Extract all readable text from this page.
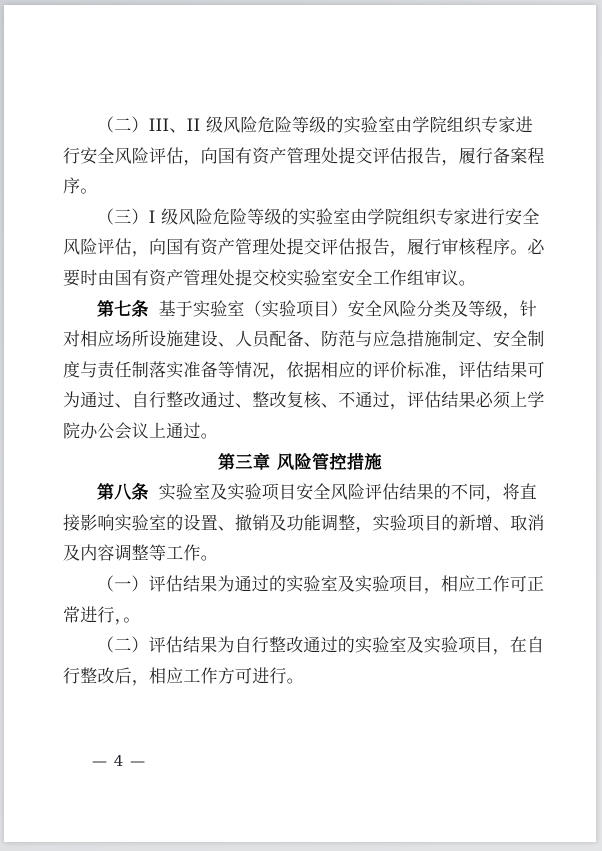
（二）III、II 级风险危险等级的实验室由学院组织专家进
行安全风险评估，向国有资产管理处提交评估报告，履行备案程
序。
（三）I 级风险危险等级的实验室由学院组织专家进行安全
风险评估，向国有资产管理处提交评估报告，履行审核程序。必
要时由国有资产管理处提交校实验室安全工作组审议。
第七条 基于实验室（实验项目）安全风险分类及等级，针
对相应场所设施建设、人员配备、防范与应急措施制定、安全制
度与责任制落实准备等情况，依据相应的评价标准，评估结果可
为通过、自行整改通过、整改复核、不通过，评估结果必须上学
院办公会议上通过。
第三章 风险管控措施
第八条 实验室及实验项目安全风险评估结果的不同，将直
接影响实验室的设置、撤销及功能调整，实验项目的新增、取消
及内容调整等工作。
（一）评估结果为通过的实验室及实验项目，相应工作可正
常进行，。
（二）评估结果为自行整改通过的实验室及实验项目，在自
行整改后，相应工作方可进行。
— 4 —
